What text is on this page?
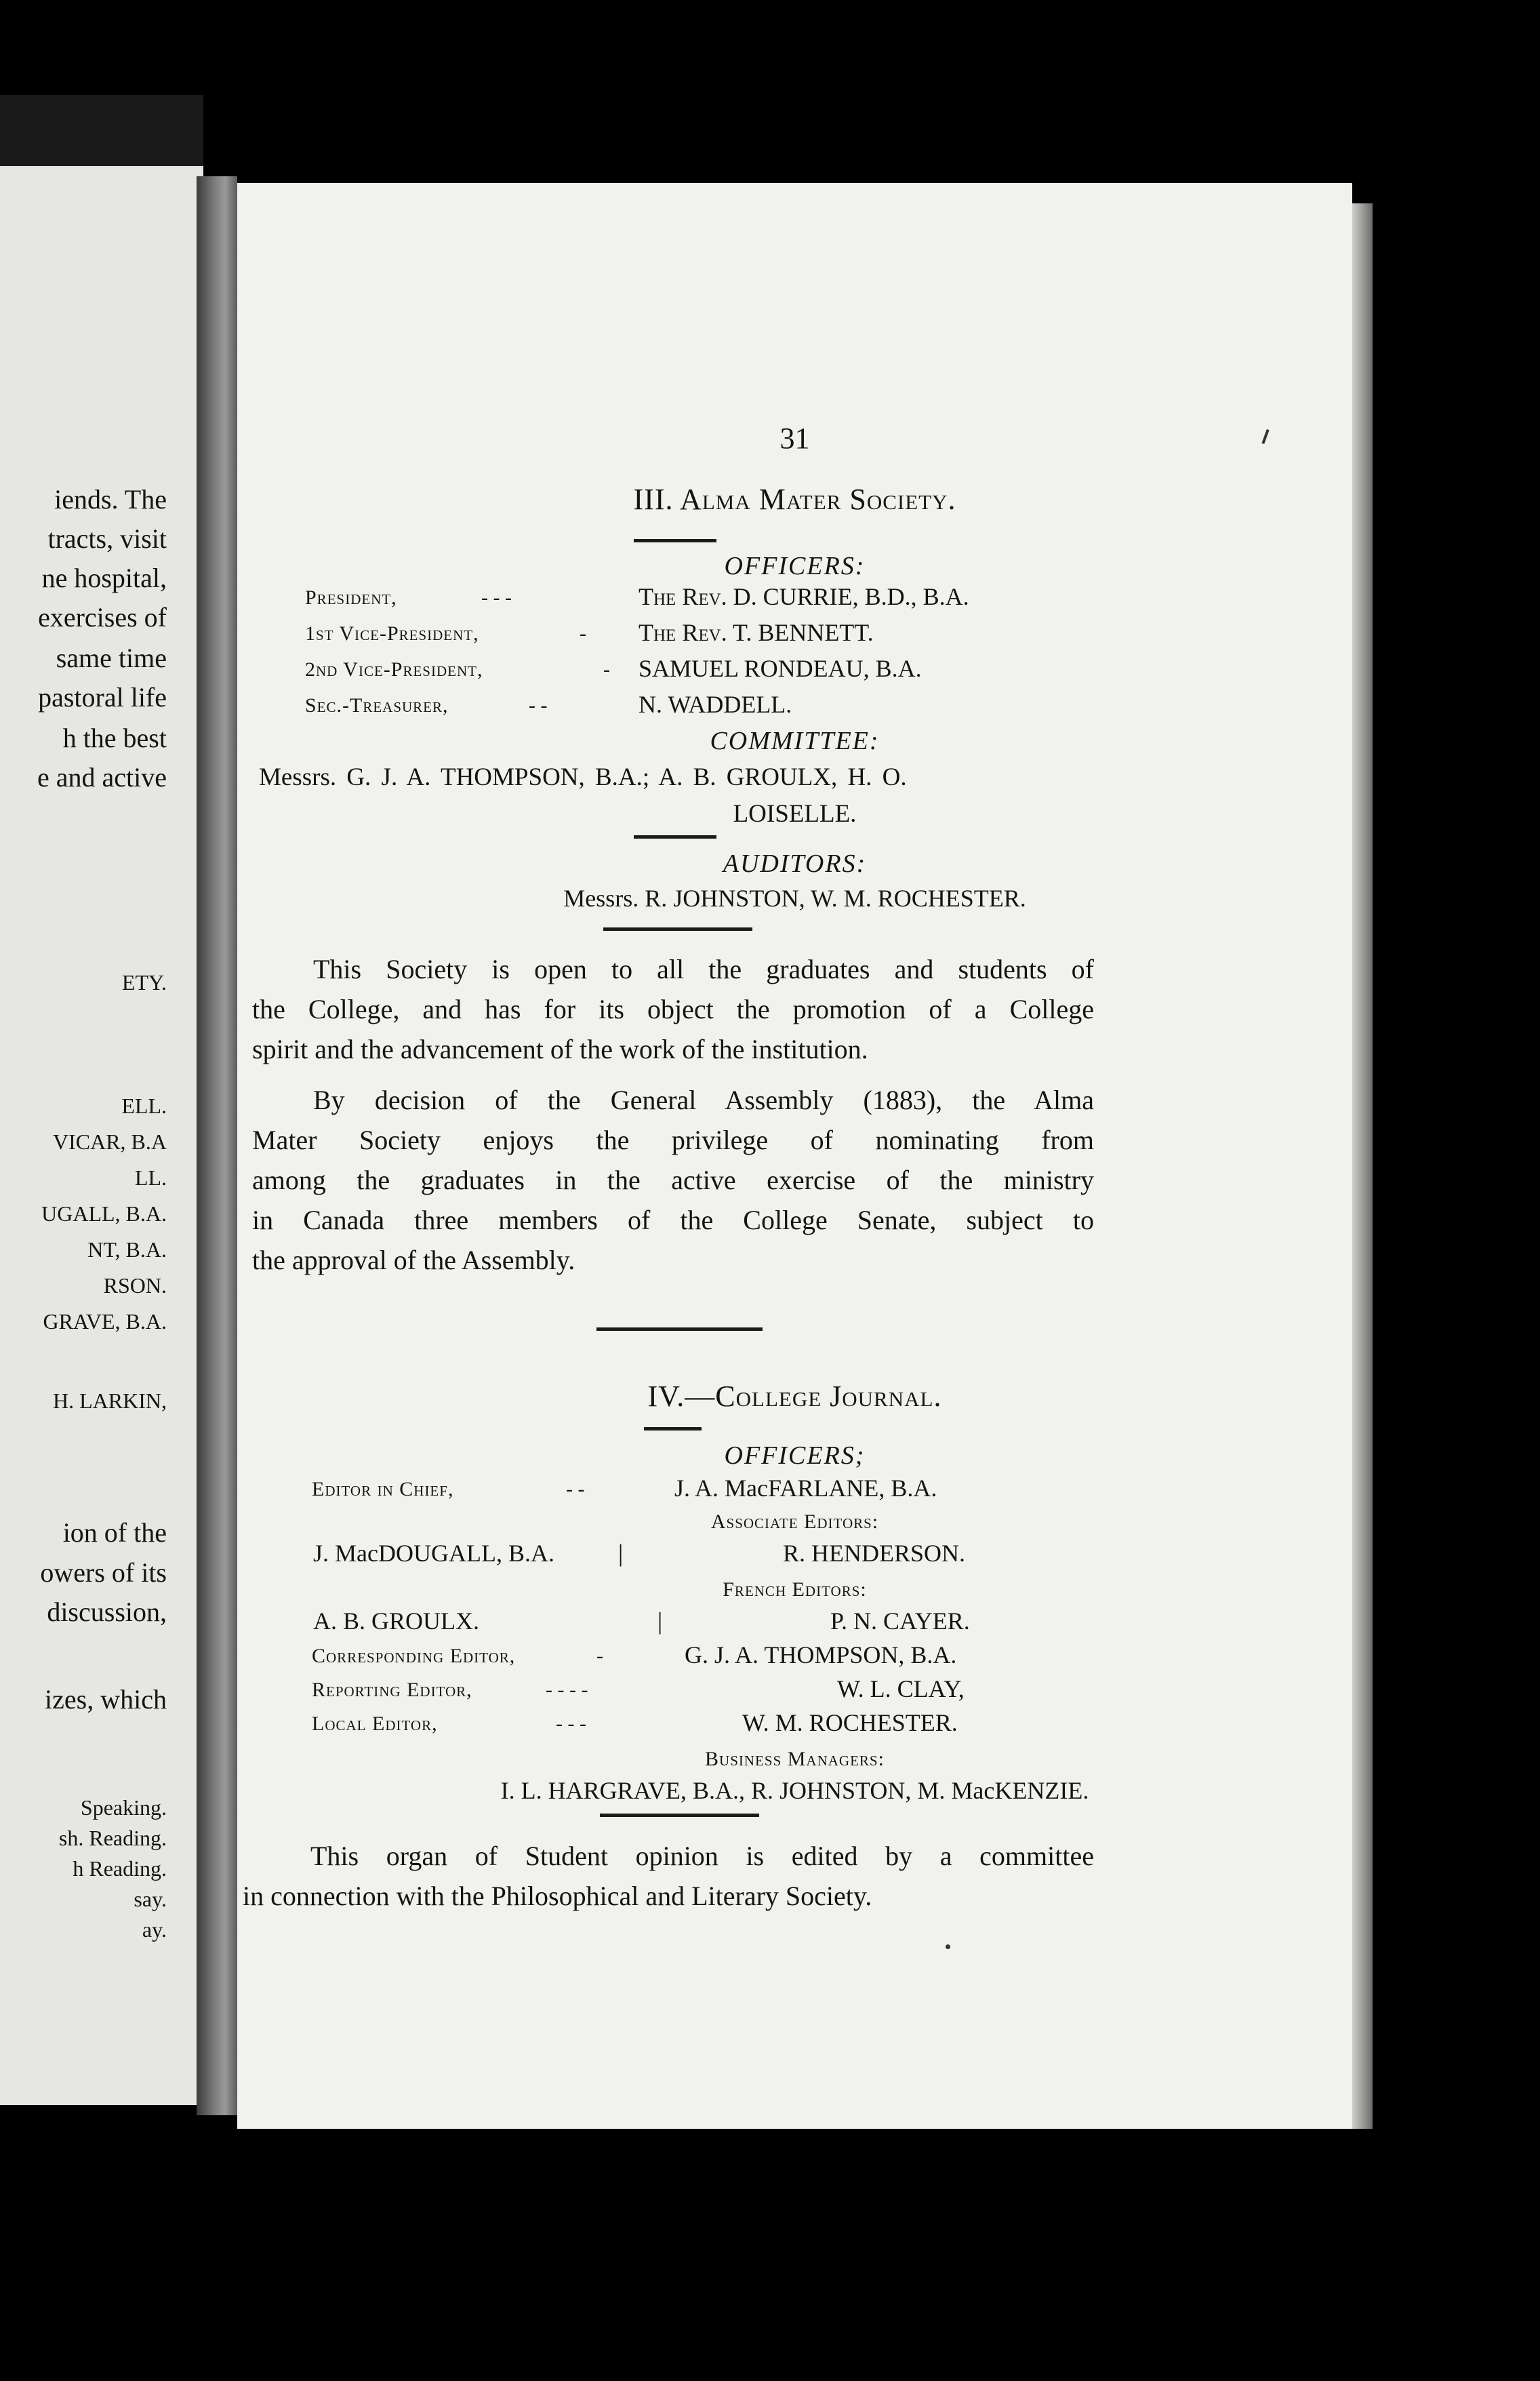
iends. The
tracts, visit
ne hospital,
exercises of
same time
pastoral life
h the best
e and active
ETY.
ELL.
VICAR, B.A
LL.
UGALL, B.A.
NT, B.A.
RSON.
GRAVE, B.A.
H. LARKIN,
ion of the
owers of its
discussion,
izes, which
Speaking.
sh. Reading.
h Reading.
say.
ay.
31
III. Alma Mater Society.
OFFICERS:
President,	- - -	The Rev. D. CURRIE, B.D., B.A.
1st Vice-President,	- The Rev. T. BENNETT.
2nd Vice-President,	- SAMUEL RONDEAU, B.A.
Sec.-Treasurer,	- -	N. WADDELL.
COMMITTEE:
Messrs. G. J. A. THOMPSON, B.A.; A. B. GROULX, H. O.
LOISELLE.
AUDITORS:
Messrs. R. JOHNSTON, W. M. ROCHESTER.
This Society is open to all the graduates and students of
the College, and has for its object the promotion of a College
spirit and the advancement of the work of the institution.
By decision of the General Assembly (1883), the Alma
Mater Society enjoys the privilege of nominating from
among the graduates in the active exercise of the ministry
in Canada three members of the College Senate, subject to
the approval of the Assembly.
IV.—College Journal.
OFFICERS;
Editor in Chief,	- -	J. A. MacFARLANE, B.A.
Associate Editors:
J. MacDOUGALL, B.A.	|	R. HENDERSON.
French Editors:
A. B. GROULX.	|	P. N. CAYER.
Corresponding Editor,	-	G. J. A. THOMPSON, B.A.
Reporting Editor,	- - - -	W. L. CLAY,
Local Editor,	- - -	W. M. ROCHESTER.
Business Managers:
I. L. HARGRAVE, B.A., R. JOHNSTON, M. MacKENZIE.
This organ of Student opinion is edited by a committee
in connection with the Philosophical and Literary Society.
